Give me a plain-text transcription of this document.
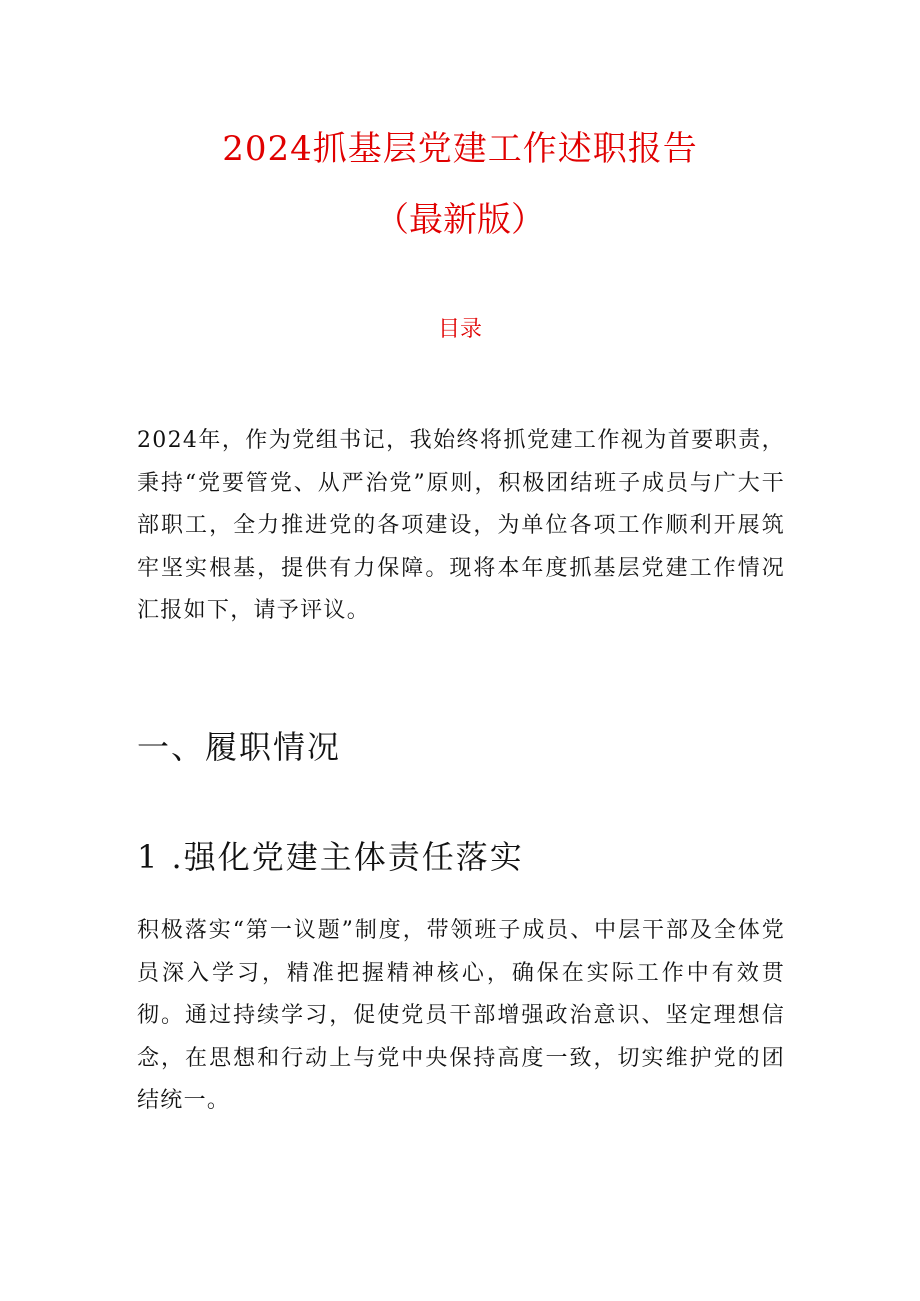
2024抓基层党建工作述职报告
（最新版）
目录

2024年，作为党组书记，我始终将抓党建工作视为首要职责，秉持“党要管党、从严治党”原则，积极团结班子成员与广大干部职工，全力推进党的各项建设，为单位各项工作顺利开展筑牢坚实根基，提供有力保障。现将本年度抓基层党建工作情况汇报如下，请予评议。

一、履职情况
1 .强化党建主体责任落实

积极落实“第一议题”制度，带领班子成员、中层干部及全体党员深入学习，精准把握精神核心，确保在实际工作中有效贯彻。通过持续学习，促使党员干部增强政治意识、坚定理想信念，在思想和行动上与党中央保持高度一致，切实维护党的团结统一。
